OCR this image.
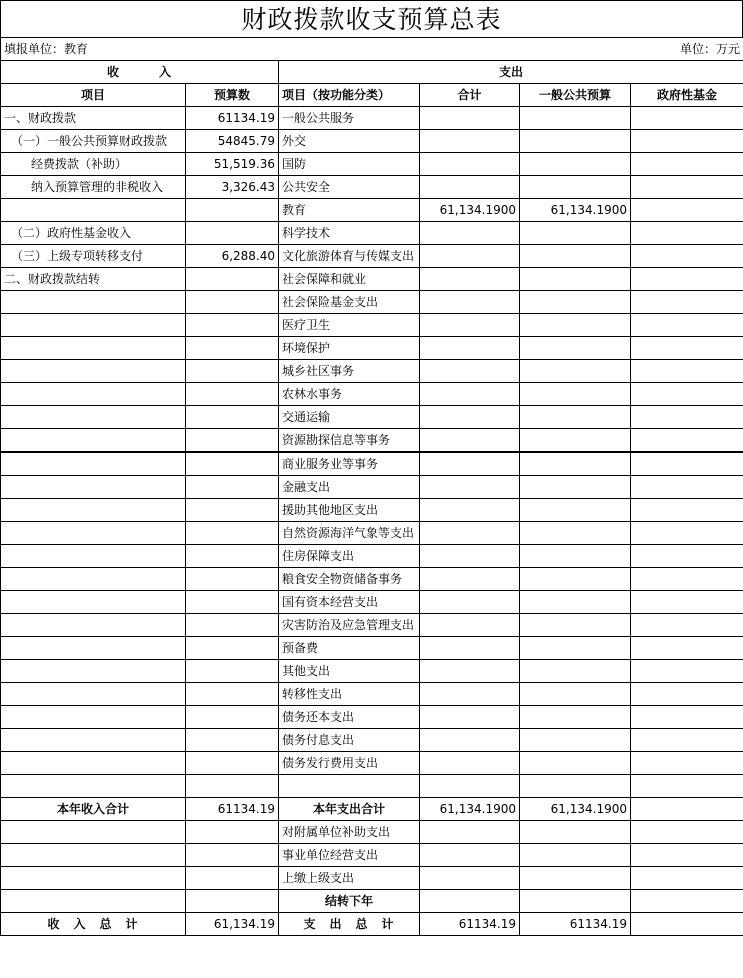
财政拨款收支预算总表
填报单位：教育	单位：万元				
收　　　入		支出			
项目	预算数	项目（按功能分类）	合计	一般公共预算	政府性基金
一、财政拨款	61134.19	一般公共服务			
（一）一般公共预算财政拨款	54845.79	外交			
经费拨款（补助）	51,519.36	国防			
纳入预算管理的非税收入	3,326.43	公共安全			
		教育	61,134.1900	61,134.1900	
（二）政府性基金收入		科学技术			
（三）上级专项转移支付	6,288.40	文化旅游体育与传媒支出			
二、财政拨款结转		社会保障和就业			
		社会保险基金支出			
		医疗卫生			
		环境保护			
		城乡社区事务			
		农林水事务			
		交通运输			
		资源勘探信息等事务			
		商业服务业等事务			
		金融支出			
		援助其他地区支出			
		自然资源海洋气象等支出			
		住房保障支出			
		粮食安全物资储备事务			
		国有资本经营支出			
		灾害防治及应急管理支出			
		预备费			
		其他支出			
		转移性支出			
		债务还本支出			
		债务付息支出			
		债务发行费用支出			

本年收入合计	61134.19	本年支出合计	61,134.1900	61,134.1900	
		对附属单位补助支出			
		事业单位经营支出			
		上缴上级支出			
		结转下年			
收　入　总　计	61,134.19	支　出　总　计	61134.19	61134.19	
